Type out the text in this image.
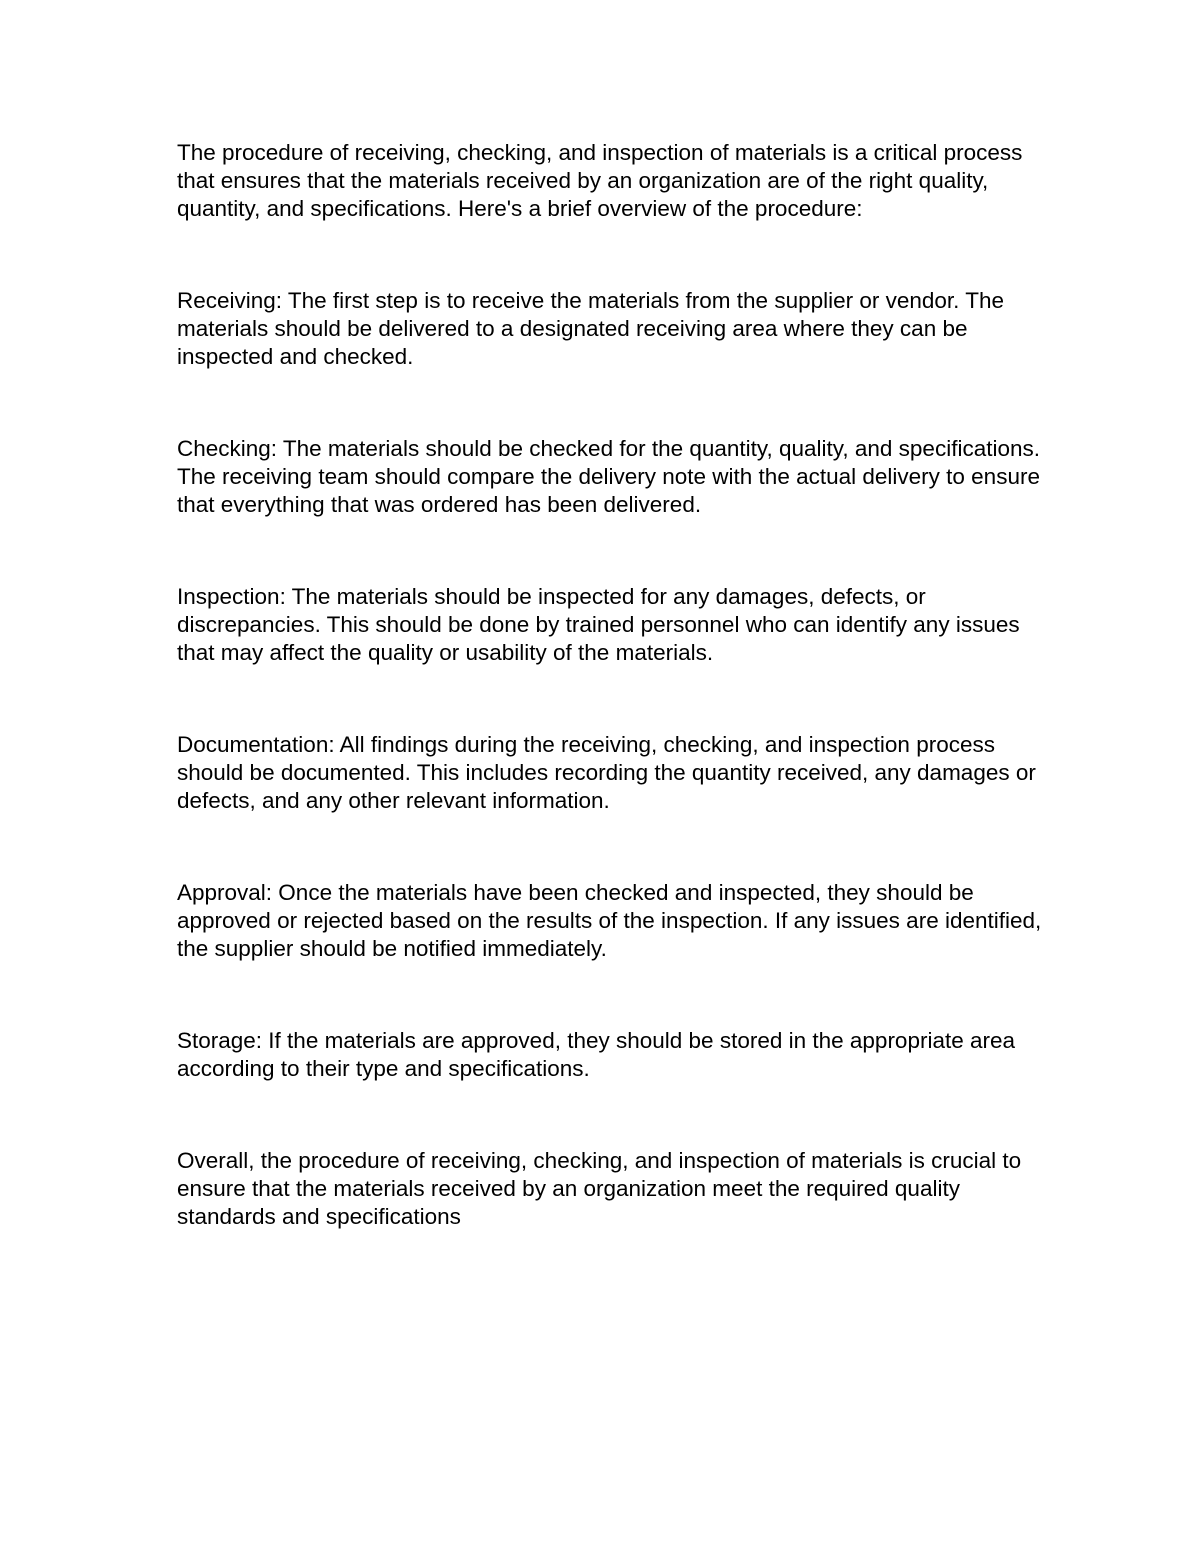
The procedure of receiving, checking, and inspection of materials is a critical process that ensures that the materials received by an organization are of the right quality, quantity, and specifications. Here's a brief overview of the procedure:

Receiving: The first step is to receive the materials from the supplier or vendor. The materials should be delivered to a designated receiving area where they can be inspected and checked.

Checking: The materials should be checked for the quantity, quality, and specifications. The receiving team should compare the delivery note with the actual delivery to ensure that everything that was ordered has been delivered.

Inspection: The materials should be inspected for any damages, defects, or discrepancies. This should be done by trained personnel who can identify any issues that may affect the quality or usability of the materials.

Documentation: All findings during the receiving, checking, and inspection process should be documented. This includes recording the quantity received, any damages or defects, and any other relevant information.

Approval: Once the materials have been checked and inspected, they should be approved or rejected based on the results of the inspection. If any issues are identified, the supplier should be notified immediately.

Storage: If the materials are approved, they should be stored in the appropriate area according to their type and specifications.

Overall, the procedure of receiving, checking, and inspection of materials is crucial to ensure that the materials received by an organization meet the required quality standards and specifications
